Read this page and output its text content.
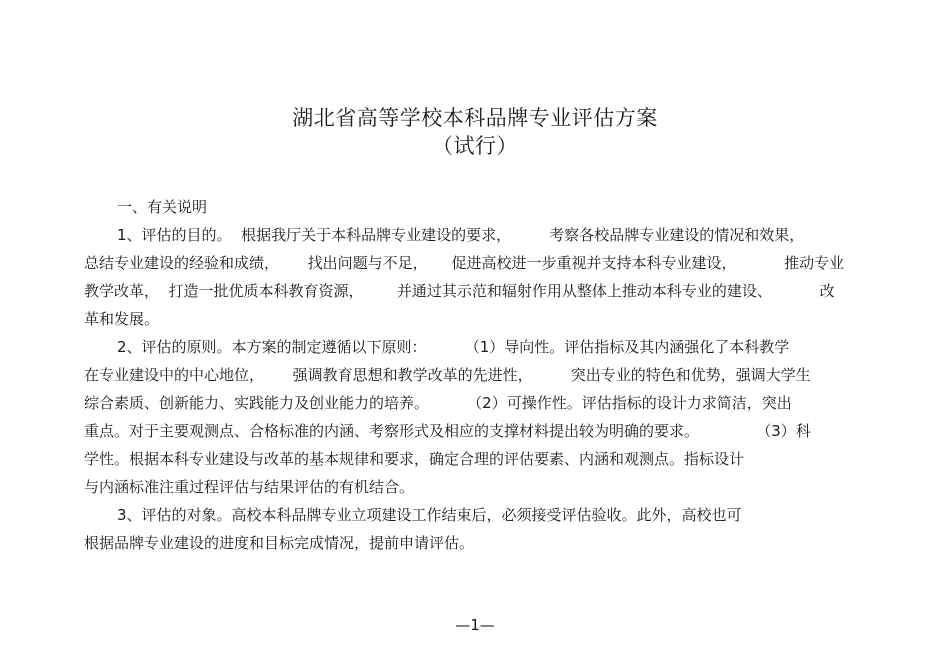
湖北省高等学校本科品牌专业评估方案
（试行）
一、有关说明
1、评估的目的。  根据我厅关于本科品牌专业建设的要求，        考察各校品牌专业建设的情况和效果，
总结专业建设的经验和成绩，      找出问题与不足，     促进高校进一步重视并支持本科专业建设，          推动专业
教学改革，  打造一批优质本科教育资源，       并通过其示范和辐射作用从整体上推动本科专业的建设、          改
革和发展。
2、评估的原则。本方案的制定遵循以下原则：        （1）导向性。评估指标及其内涵强化了本科教学
在专业建设中的中心地位，      强调教育思想和教学改革的先进性，        突出专业的特色和优势，强调大学生
综合素质、创新能力、实践能力及创业能力的培养。        （2）可操作性。评估指标的设计力求简洁，突出
重点。对于主要观测点、合格标准的内涵、考察形式及相应的支撑材料提出较为明确的要求。            （3）科
学性。根据本科专业建设与改革的基本规律和要求，确定合理的评估要素、内涵和观测点。指标设计
与内涵标准注重过程评估与结果评估的有机结合。
3、评估的对象。高校本科品牌专业立项建设工作结束后，必须接受评估验收。此外，高校也可
根据品牌专业建设的进度和目标完成情况，提前申请评估。
—1—
